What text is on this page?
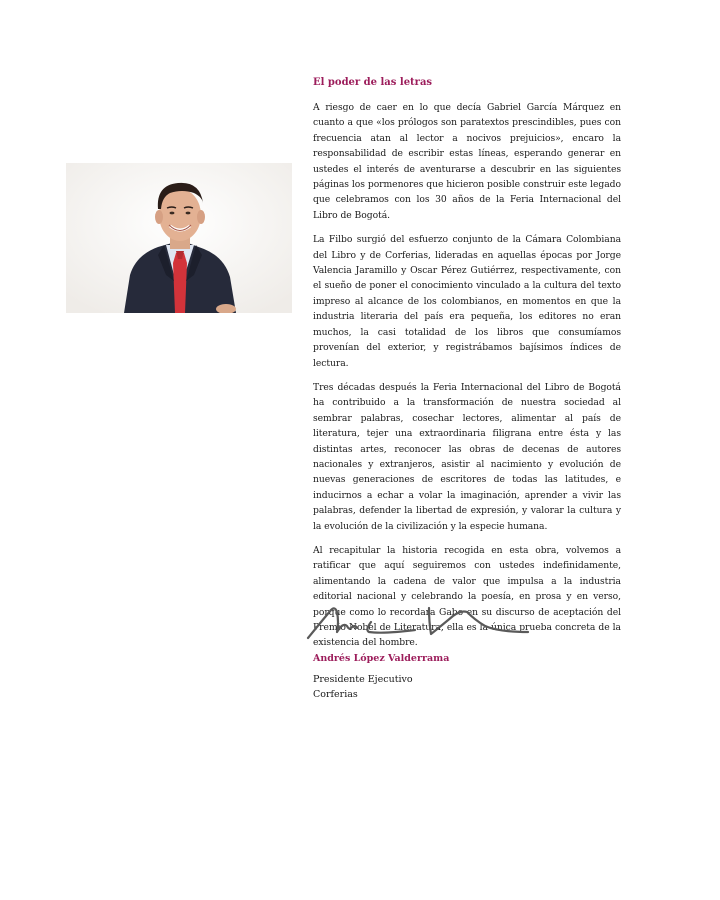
El poder de las letras

A riesgo de caer en lo que decía Gabriel García Márquez en cuanto a que «los prólogos son paratextos prescindibles, pues con frecuencia atan al lector a nocivos prejuicios», encaro la responsabilidad de escribir estas líneas, esperando generar en ustedes el interés de aventurarse a descubrir en las siguientes páginas los pormenores que hicieron posible construir este legado que celebramos con los 30 años de la Feria Internacional del Libro de Bogotá.

La Filbo surgió del esfuerzo conjunto de la Cámara Colombiana del Libro y de Corferias, lideradas en aquellas épocas por Jorge Valencia Jaramillo y Oscar Pérez Gutiérrez, respectivamente, con el sueño de poner el conocimiento vinculado a la cultura del texto impreso al alcance de los colombianos, en momentos en que la industria literaria del país era pequeña, los editores no eran muchos, la casi totalidad de los libros que consumíamos provenían del exterior, y registrábamos bajísimos índices de lectura.

Tres décadas después la Feria Internacional del Libro de Bogotá ha contribuido a la transformación de nuestra sociedad al sembrar palabras, cosechar lectores, alimentar al país de literatura, tejer una extraordinaria filigrana entre ésta y las distintas artes, reconocer las obras de decenas de autores nacionales y extranjeros, asistir al nacimiento y evolución de nuevas generaciones de escritores de todas las latitudes, e inducirnos a echar a volar la imaginación, aprender a vivir las palabras, defender la libertad de expresión, y valorar la cultura y la evolución de la civilización y la especie humana.

Al recapitular la historia recogida en esta obra, volvemos a ratificar que aquí seguiremos con ustedes indefinidamente, alimentando la cadena de valor que impulsa a la industria editorial nacional y celebrando la poesía, en prosa y en verso, porque como lo recordara Gabo en su discurso de aceptación del Premio Nobel de Literatura, ella es la única prueba concreta de la existencia del hombre.

Andrés López Valderrama
Presidente Ejecutivo
Corferias
